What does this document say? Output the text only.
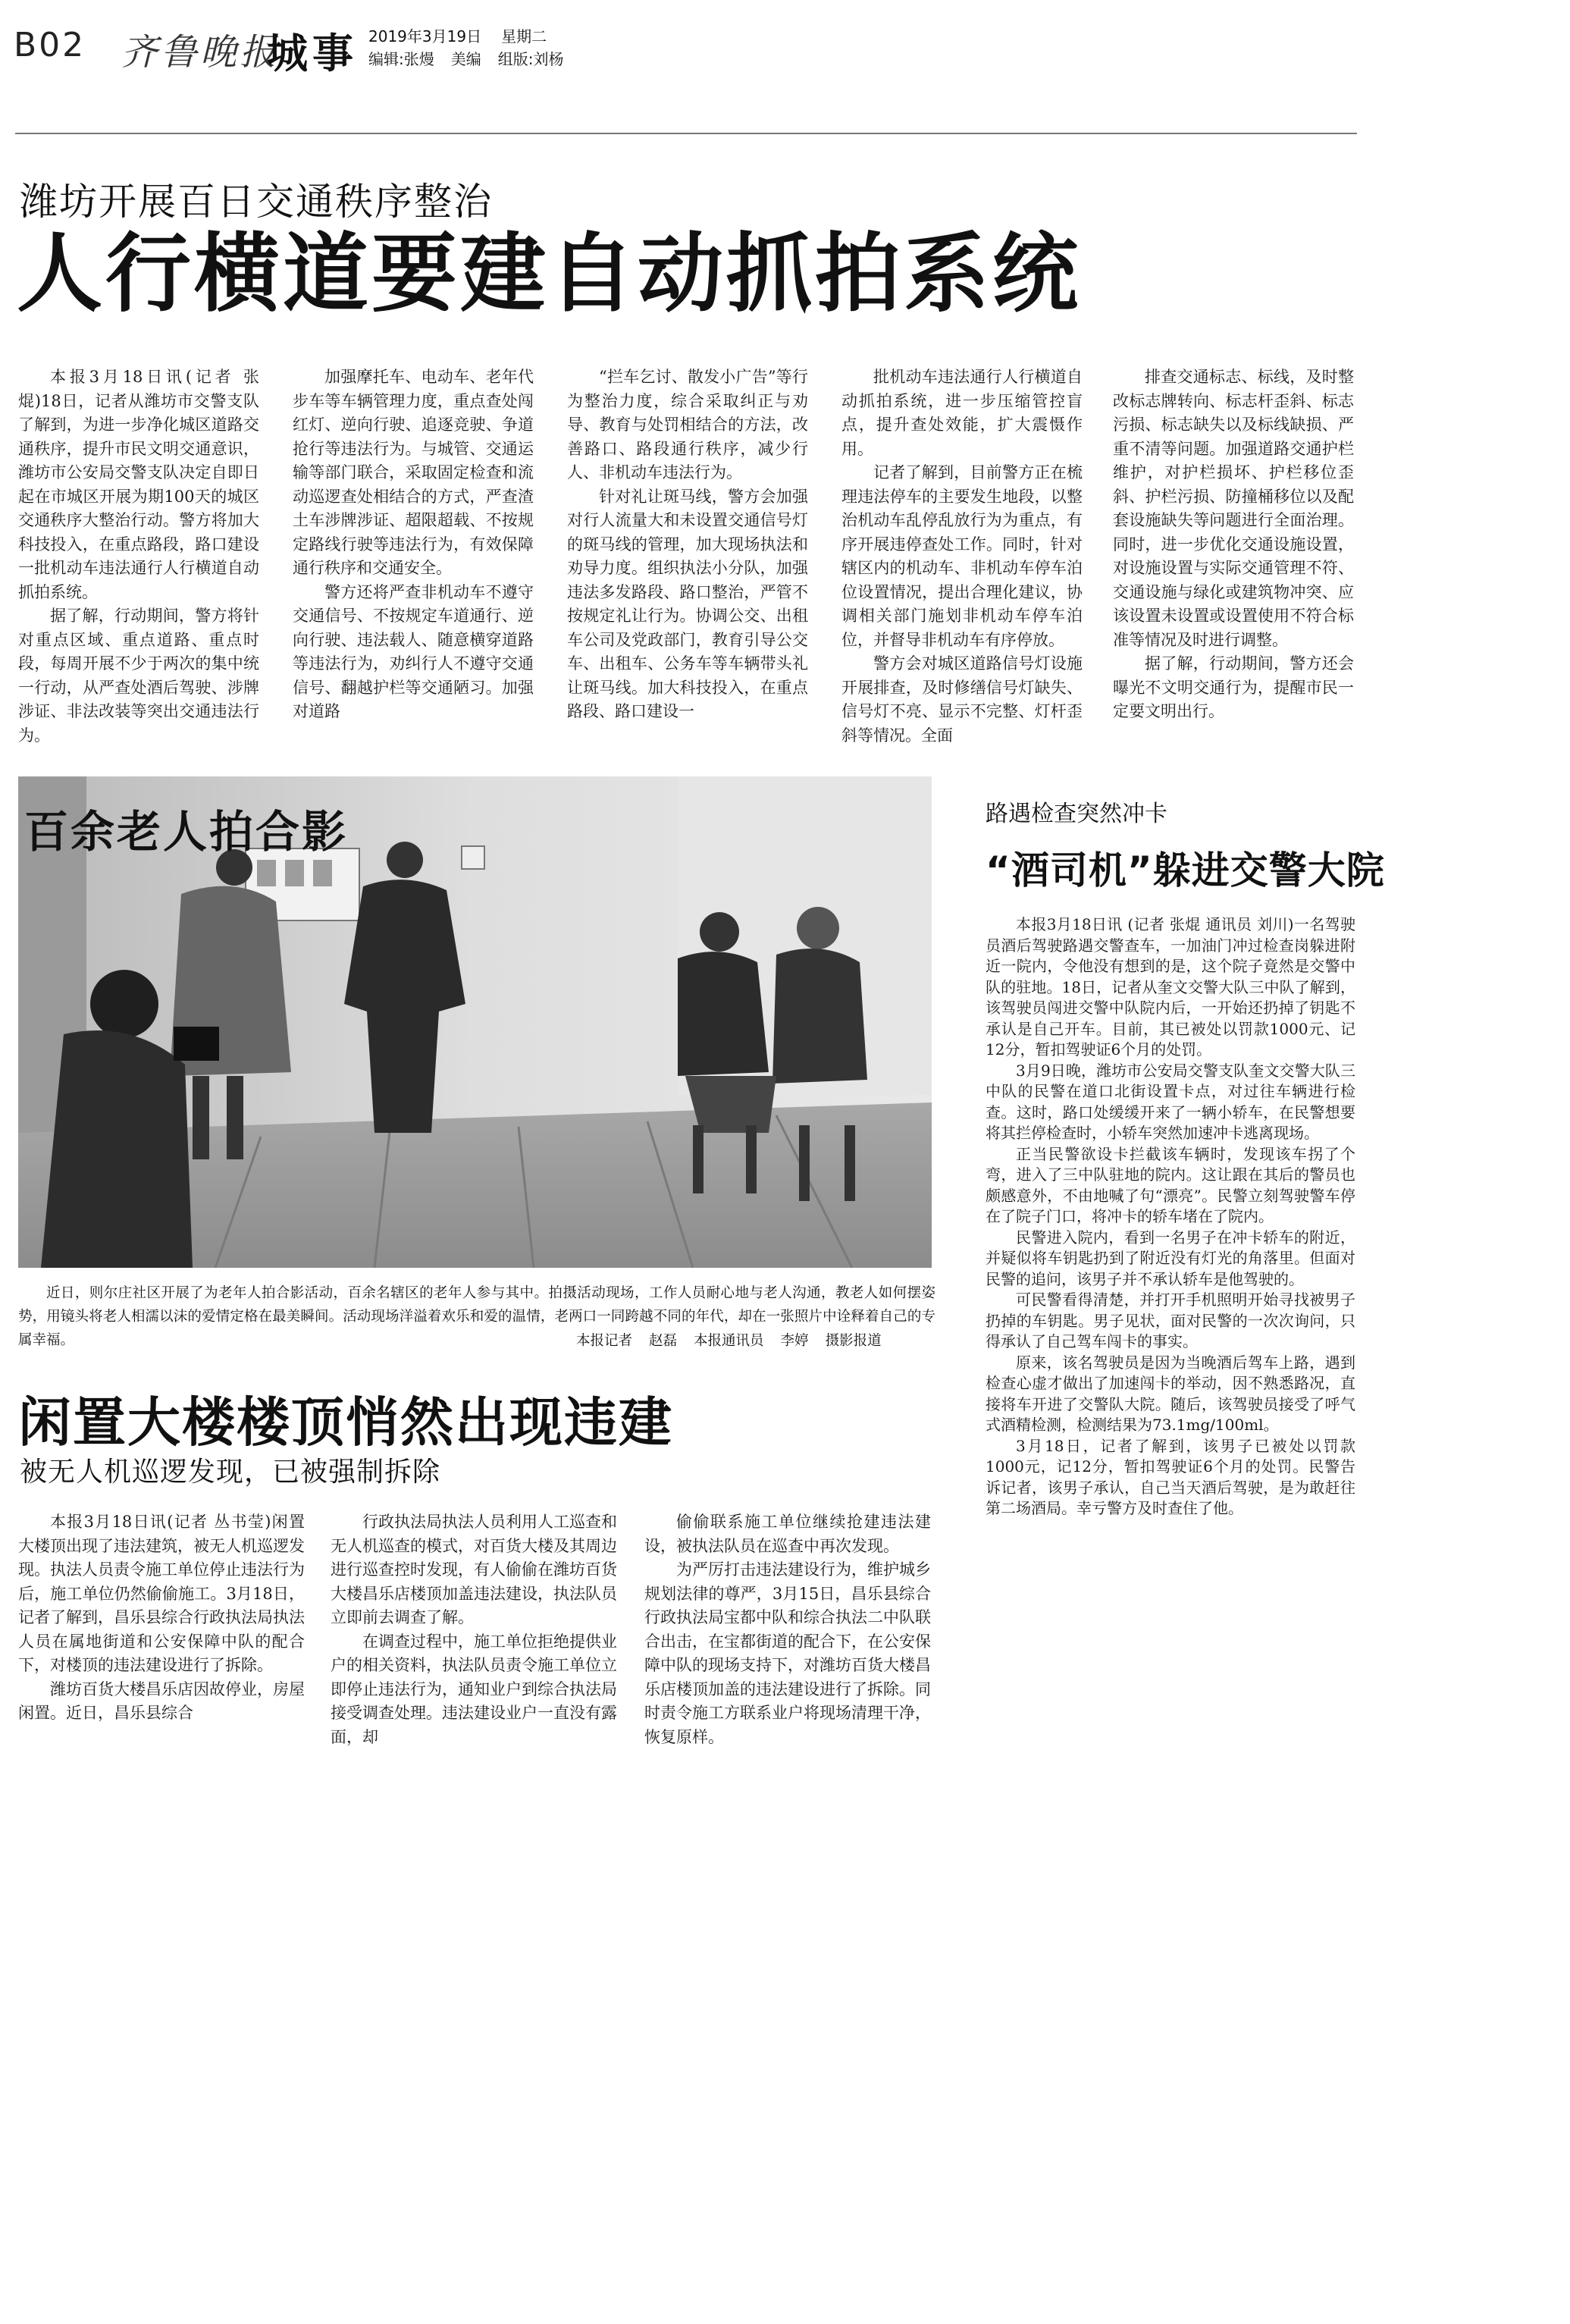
B02 齐鲁晚报
城事 2019年3月19日 星期二
编辑:张熳 美编 组版:刘杨
潍坊开展百日交通秩序整治
人行横道要建自动抓拍系统

本报3月18日讯(记者 张焜)18日，记者从潍坊市交警支队了解到，为进一步净化城区道路交通秩序，提升市民文明交通意识，潍坊市公安局交警支队决定自即日起在市城区开展为期100天的城区交通秩序大整治行动。警方将加大科技投入，在重点路段，路口建设一批机动车违法通行人行横道自动抓拍系统。

据了解，行动期间，警方将针对重点区域、重点道路、重点时段，每周开展不少于两次的集中统一行动，从严查处酒后驾驶、涉牌涉证、非法改装等突出交通违法行为。

加强摩托车、电动车、老年代步车等车辆管理力度，重点查处闯红灯、逆向行驶、追逐竞驶、争道抢行等违法行为。与城管、交通运输等部门联合，采取固定检查和流动巡逻查处相结合的方式，严查渣土车涉牌涉证、超限超载、不按规定路线行驶等违法行为，有效保障通行秩序和交通安全。

警方还将严查非机动车不遵守交通信号、不按规定车道通行、逆向行驶、违法载人、随意横穿道路等违法行为，劝纠行人不遵守交通信号、翻越护栏等交通陋习。加强对道路

“拦车乞讨、散发小广告”等行为整治力度，综合采取纠正与劝导、教育与处罚相结合的方法，改善路口、路段通行秩序，减少行人、非机动车违法行为。

针对礼让斑马线，警方会加强对行人流量大和未设置交通信号灯的斑马线的管理，加大现场执法和劝导力度。组织执法小分队，加强违法多发路段、路口整治，严管不按规定礼让行为。协调公交、出租车公司及党政部门，教育引导公交车、出租车、公务车等车辆带头礼让斑马线。加大科技投入，在重点路段、路口建设一

批机动车违法通行人行横道自动抓拍系统，进一步压缩管控盲点，提升查处效能，扩大震慑作用。

记者了解到，目前警方正在梳理违法停车的主要发生地段，以整治机动车乱停乱放行为为重点，有序开展违停查处工作。同时，针对辖区内的机动车、非机动车停车泊位设置情况，提出合理化建议，协调相关部门施划非机动车停车泊位，并督导非机动车有序停放。

警方会对城区道路信号灯设施开展排查，及时修缮信号灯缺失、信号灯不亮、显示不完整、灯杆歪斜等情况。全面

排查交通标志、标线，及时整改标志牌转向、标志杆歪斜、标志污损、标志缺失以及标线缺损、严重不清等问题。加强道路交通护栏维护，对护栏损坏、护栏移位歪斜、护栏污损、防撞桶移位以及配套设施缺失等问题进行全面治理。同时，进一步优化交通设施设置，对设施设置与实际交通管理不符、交通设施与绿化或建筑物冲突、应该设置未设置或设置使用不符合标准等情况及时进行调整。

据了解，行动期间，警方还会曝光不文明交通行为，提醒市民一定要文明出行。

百余老人拍合影

近日，则尔庄社区开展了为老年人拍合影活动，百余名辖区的老年人参与其中。拍摄活动现场，工作人员耐心地与老人沟通，教老人如何摆姿势，用镜头将老人相濡以沫的爱情定格在最美瞬间。活动现场洋溢着欢乐和爱的温情，老两口一同跨越不同的年代，却在一张照片中诠释着自己的专属幸福。	本报记者 赵磊 本报通讯员 李婷 摄影报道
路遇检查突然冲卡
“酒司机”躲进交警大院

本报3月18日讯 (记者 张焜 通讯员 刘川)一名驾驶员酒后驾驶路遇交警查车，一加油门冲过检查岗躲进附近一院内，令他没有想到的是，这个院子竟然是交警中队的驻地。18日，记者从奎文交警大队三中队了解到，该驾驶员闯进交警中队院内后，一开始还扔掉了钥匙不承认是自己开车。目前，其已被处以罚款1000元、记12分，暂扣驾驶证6个月的处罚。

3月9日晚，潍坊市公安局交警支队奎文交警大队三中队的民警在道口北街设置卡点，对过往车辆进行检查。这时，路口处缓缓开来了一辆小轿车，在民警想要将其拦停检查时，小轿车突然加速冲卡逃离现场。

正当民警欲设卡拦截该车辆时，发现该车拐了个弯，进入了三中队驻地的院内。这让跟在其后的警员也颇感意外，不由地喊了句“漂亮”。民警立刻驾驶警车停在了院子门口，将冲卡的轿车堵在了院内。

民警进入院内，看到一名男子在冲卡轿车的附近，并疑似将车钥匙扔到了附近没有灯光的角落里。但面对民警的追问，该男子并不承认轿车是他驾驶的。

可民警看得清楚，并打开手机照明开始寻找被男子扔掉的车钥匙。男子见状，面对民警的一次次询问，只得承认了自己驾车闯卡的事实。

原来，该名驾驶员是因为当晚酒后驾车上路，遇到检查心虚才做出了加速闯卡的举动，因不熟悉路况，直接将车开进了交警队大院。随后，该驾驶员接受了呼气式酒精检测，检测结果为73.1mg/100ml。

3月18日，记者了解到，该男子已被处以罚款1000元，记12分，暂扣驾驶证6个月的处罚。民警告诉记者，该男子承认，自己当天酒后驾驶，是为敢赶往第二场酒局。幸亏警方及时查住了他。

闲置大楼楼顶悄然出现违建
被无人机巡逻发现，已被强制拆除

本报3月18日讯(记者 丛书莹)闲置大楼顶出现了违法建筑，被无人机巡逻发现。执法人员责令施工单位停止违法行为后，施工单位仍然偷偷施工。3月18日，记者了解到，昌乐县综合行政执法局执法人员在属地街道和公安保障中队的配合下，对楼顶的违法建设进行了拆除。

潍坊百货大楼昌乐店因故停业，房屋闲置。近日，昌乐县综合

行政执法局执法人员利用人工巡查和无人机巡查的模式，对百货大楼及其周边进行巡查控时发现，有人偷偷在潍坊百货大楼昌乐店楼顶加盖违法建设，执法队员立即前去调查了解。

在调查过程中，施工单位拒绝提供业户的相关资料，执法队员责令施工单位立即停止违法行为，通知业户到综合执法局接受调查处理。违法建设业户一直没有露面，却

偷偷联系施工单位继续抢建违法建设，被执法队员在巡查中再次发现。

为严厉打击违法建设行为，维护城乡规划法律的尊严，3月15日，昌乐县综合行政执法局宝都中队和综合执法二中队联合出击，在宝都街道的配合下，在公安保障中队的现场支持下，对潍坊百货大楼昌乐店楼顶加盖的违法建设进行了拆除。同时责令施工方联系业户将现场清理干净，恢复原样。
